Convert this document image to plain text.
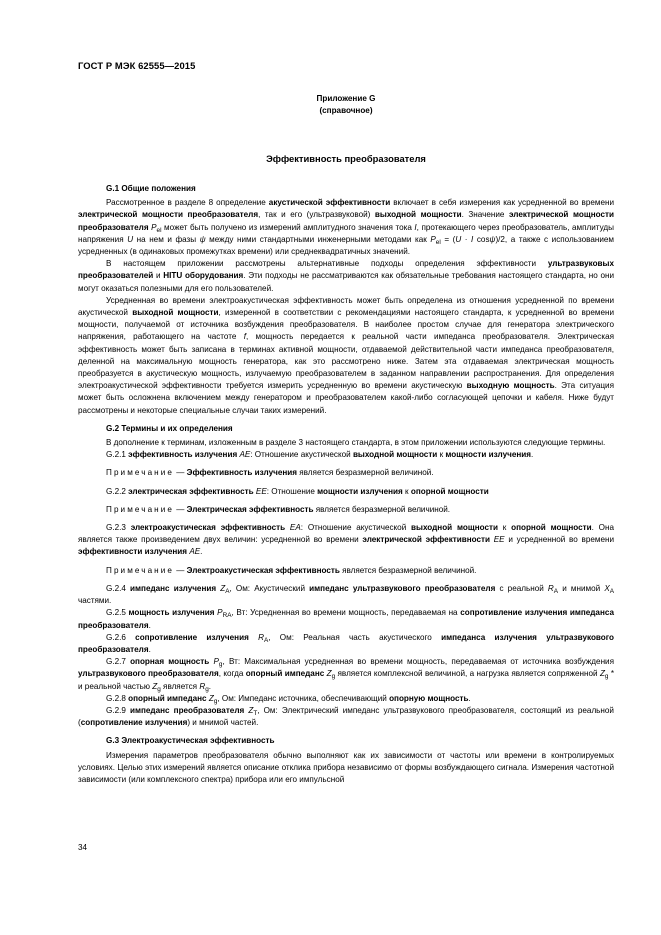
ГОСТ Р МЭК 62555—2015
Приложение G
(справочное)
Эффективность преобразователя

G.1 Общие положения

Рассмотренное в разделе 8 определение акустической эффективности включает в себя измерения как усредненной во времени электрической мощности преобразователя, так и его (ультразвуковой) выходной мощности. Значение электрической мощности преобразователя $P_{el}$ может быть получено из измерений амплитудного значения тока I, протекающего через преобразователь, амплитуды напряжения U на нем и фазы ψ между ними стандартными инженерными методами как $P_{el} = (U \cdot I$ cosψ)/2, а также с использованием усредненных (в одинаковых промежутках времени) или среднеквадратичных значений.

В настоящем приложении рассмотрены альтернативные подходы определения эффективности ультразвуковых преобразователей и HITU оборудования. Эти подходы не рассматриваются как обязательные требования настоящего стандарта, но они могут оказаться полезными для его пользователей.

Усредненная во времени электроакустическая эффективность может быть определена из отношения усредненной по времени акустической выходной мощности, измеренной в соответствии с рекомендациями настоящего стандарта, к усредненной во времени мощности, получаемой от источника возбуждения преобразователя. В наиболее простом случае для генератора электрического напряжения, работающего на частоте f, мощность передается к реальной части импеданса преобразователя. Электрическая эффективность может быть записана в терминах активной мощности, отдаваемой действительной части импеданса преобразователя, деленной на максимальную мощность генератора, как это рассмотрено ниже. Затем эта отдаваемая электрическая мощность преобразуется в акустическую мощность, излучаемую преобразователем в заданном направлении распространения. Для определения электроакустической эффективности требуется измерить усредненную во времени акустическую выходную мощность. Эта ситуация может быть осложнена включением между генератором и преобразователем какой-либо согласующей цепочки и кабеля. Ниже будут рассмотрены и некоторые специальные случаи таких измерений.

G.2 Термины и их определения

В дополнение к терминам, изложенным в разделе 3 настоящего стандарта, в этом приложении используются следующие термины.

G.2.1 эффективность излучения AE: Отношение акустической выходной мощности к мощности излучения.

Примечание — Эффективность излучения является безразмерной величиной.

G.2.2 электрическая эффективность EE: Отношение мощности излучения к опорной мощности

Примечание — Электрическая эффективность является безразмерной величиной.

G.2.3 электроакустическая эффективность EA: Отношение акустической выходной мощности к опорной мощности. Она является также произведением двух величин: усредненной во времени электрической эффективности EE и усредненной во времени эффективности излучения AE.

Примечание — Электроакустическая эффективность является безразмерной величиной.

G.2.4 импеданс излучения $Z_A$, Ом: Акустический импеданс ультразвукового преобразователя с реальной $R_A$ и мнимой $X_A$ частями.

G.2.5 мощность излучения $P_{RA}$, Вт: Усредненная во времени мощность, передаваемая на сопротивление излучения импеданса преобразователя.

G.2.6 сопротивление излучения $R_A$, Ом: Реальная часть акустического импеданса излучения ультразвукового преобразователя.

G.2.7 опорная мощность $P_g$, Вт: Максимальная усредненная во времени мощность, передаваемая от источника возбуждения ультразвукового преобразователя, когда опорный импеданс $Z_g$ является комплексной величиной, а нагрузка является сопряженной $Z_g$ * и реальной частью $Z_g$ является $R_g$.

G.2.8 опорный импеданс $Z_g$, Ом: Импеданс источника, обеспечивающий опорную мощность.

G.2.9 импеданс преобразователя $Z_T$, Ом: Электрический импеданс ультразвукового преобразователя, состоящий из реальной (сопротивление излучения) и мнимой частей.

G.3 Электроакустическая эффективность

Измерения параметров преобразователя обычно выполняют как их зависимости от частоты или времени в контролируемых условиях. Целью этих измерений является описание отклика прибора независимо от формы возбуждающего сигнала. Измерения частотной зависимости (или комплексного спектра) прибора или его импульсной

34
